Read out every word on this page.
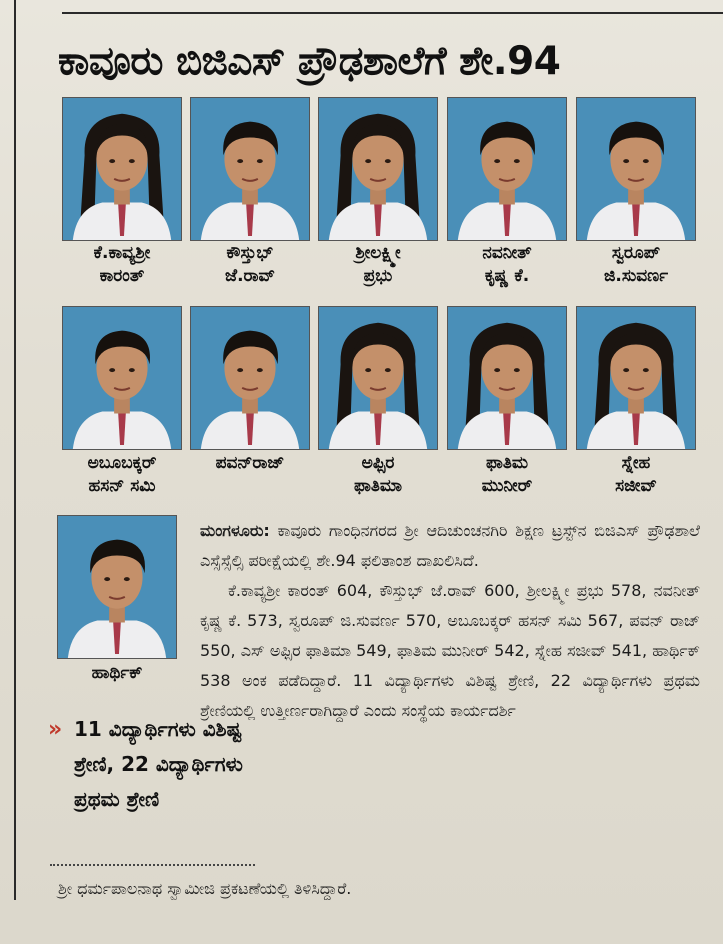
ಕಾವೂರು ಬಿಜಿಎಸ್ ಪ್ರೌಢಶಾಲೆಗೆ ಶೇ.94
ಕೆ.ಕಾವ್ಯಶ್ರೀ
ಕಾರಂತ್
ಕೌಸ್ತುಭ್
ಜೆ.ರಾವ್
ಶ್ರೀಲಕ್ಷ್ಮೀ
ಪ್ರಭು
ನವನೀತ್
ಕೃಷ್ಣ ಕೆ.
ಸ್ವರೂಪ್
ಜಿ.ಸುವರ್ಣ
ಅಬೂಬಕ್ಕರ್
ಹಸನ್ ಸಮಿ
ಪವನ್‌ರಾಜ್	ಅಫ್ಸಿರ
ಫಾತಿಮಾ
ಫಾತಿಮ
ಮುನೀರ್
ಸ್ನೇಹ
ಸಜೀವ್
ಹಾರ್ಥಿಕ್

ಮಂಗಳೂರು: ಕಾವೂರು ಗಾಂಧಿನಗರದ ಶ್ರೀ ಆದಿಚುಂಚನಗಿರಿ ಶಿಕ್ಷಣ ಟ್ರಸ್ಟ್‌ನ ಬಿಜಿಎಸ್ ಪ್ರೌಢಶಾಲೆ ಎಸ್ಸೆಸ್ಸೆಲ್ಸಿ ಪರೀಕ್ಷೆಯಲ್ಲಿ ಶೇ.94 ಫಲಿತಾಂಶ ದಾಖಲಿಸಿದೆ.

ಕೆ.ಕಾವ್ಯಶ್ರೀ ಕಾರಂತ್ 604, ಕೌಸ್ತುಭ್ ಜೆ.ರಾವ್ 600, ಶ್ರೀಲಕ್ಷ್ಮೀ ಪ್ರಭು 578, ನವನೀತ್ ಕೃಷ್ಣ ಕೆ. 573, ಸ್ವರೂಪ್ ಜಿ.ಸುವರ್ಣ 570, ಅಬೂಬಕ್ಕರ್ ಹಸನ್ ಸಮಿ 567, ಪವನ್ ರಾಜ್ 550, ಎಸ್ ಅಫ್ಸಿರ ಫಾತಿಮಾ 549, ಫಾತಿಮ ಮುನೀರ್ 542, ಸ್ನೇಹ ಸಜೀವ್ 541, ಹಾರ್ಥಿಕ್ 538 ಅಂಕ ಪಡೆದಿದ್ದಾರೆ. 11 ವಿದ್ಯಾರ್ಥಿಗಳು ವಿಶಿಷ್ಟ ಶ್ರೇಣಿ, 22 ವಿದ್ಯಾರ್ಥಿಗಳು ಪ್ರಥಮ ಶ್ರೇಣಿಯಲ್ಲಿ ಉತ್ತೀರ್ಣರಾಗಿದ್ದಾರೆ ಎಂದು ಸಂಸ್ಥೆಯ ಕಾರ್ಯದರ್ಶಿ

ಶ್ರೀ ಧರ್ಮಪಾಲನಾಥ ಸ್ವಾಮೀಜಿ ಪ್ರಕಟಣೆಯಲ್ಲಿ ತಿಳಿಸಿದ್ದಾರೆ.
» 11 ವಿದ್ಯಾರ್ಥಿಗಳು ವಿಶಿಷ್ಟ ಶ್ರೇಣಿ, 22 ವಿದ್ಯಾರ್ಥಿಗಳು ಪ್ರಥಮ ಶ್ರೇಣಿ
